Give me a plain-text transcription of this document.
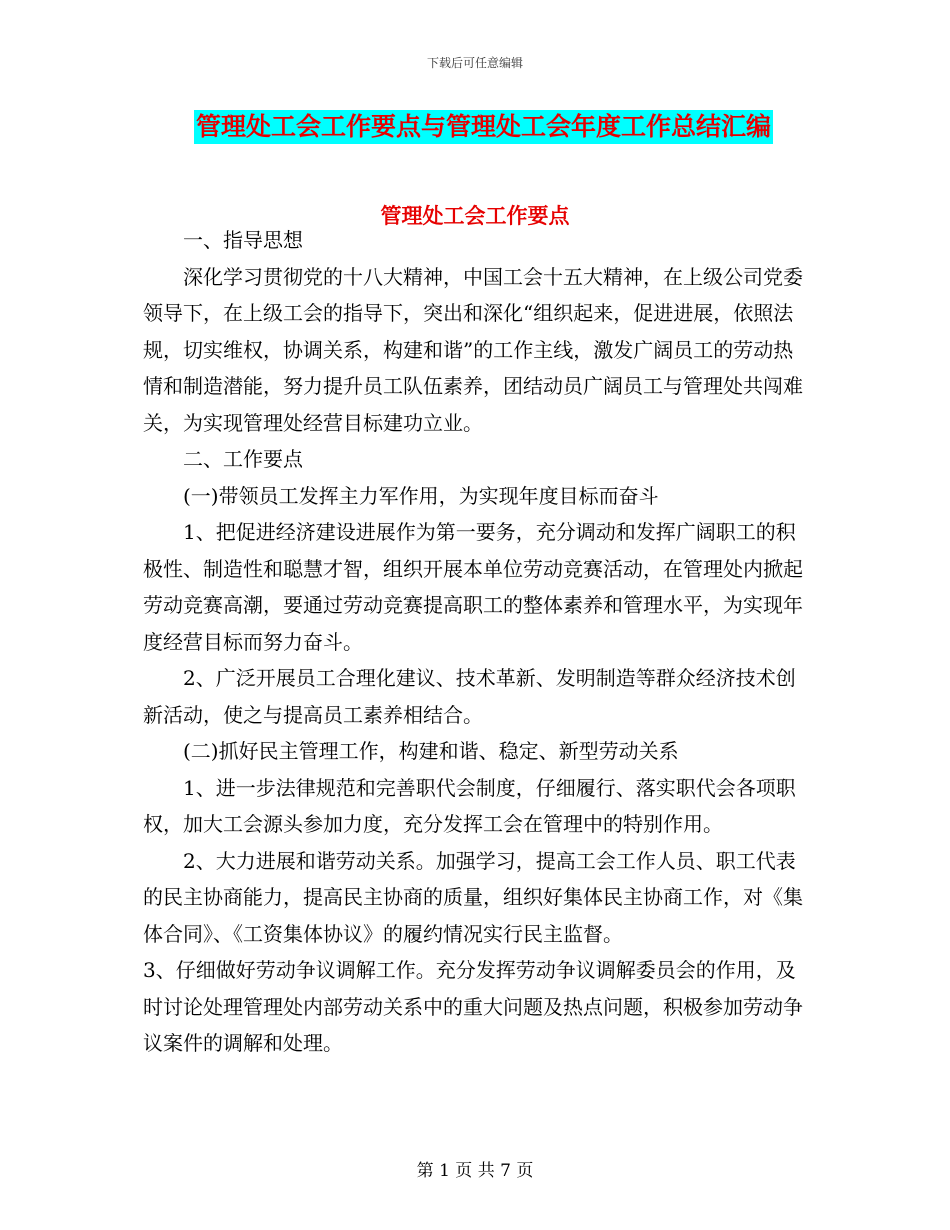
下载后可任意编辑
管理处工会工作要点与管理处工会年度工作总结汇编
管理处工会工作要点

一、指导思想

深化学习贯彻党的十八大精神，中国工会十五大精神，在上级公司党委领导下，在上级工会的指导下，突出和深化“组织起来，促进进展，依照法规，切实维权，协调关系，构建和谐”的工作主线，激发广阔员工的劳动热情和制造潜能，努力提升员工队伍素养，团结动员广阔员工与管理处共闯难关，为实现管理处经营目标建功立业。

二、工作要点

(一)带领员工发挥主力军作用，为实现年度目标而奋斗

1、把促进经济建设进展作为第一要务，充分调动和发挥广阔职工的积极性、制造性和聪慧才智，组织开展本单位劳动竞赛活动，在管理处内掀起劳动竞赛高潮，要通过劳动竞赛提高职工的整体素养和管理水平，为实现年度经营目标而努力奋斗。

2、广泛开展员工合理化建议、技术革新、发明制造等群众经济技术创新活动，使之与提高员工素养相结合。

(二)抓好民主管理工作，构建和谐、稳定、新型劳动关系

1、进一步法律规范和完善职代会制度，仔细履行、落实职代会各项职权，加大工会源头参加力度，充分发挥工会在管理中的特别作用。

2、大力进展和谐劳动关系。加强学习，提高工会工作人员、职工代表的民主协商能力，提高民主协商的质量，组织好集体民主协商工作，对《集体合同》、《工资集体协议》的履约情况实行民主监督。

3、仔细做好劳动争议调解工作。充分发挥劳动争议调解委员会的作用，及时讨论处理管理处内部劳动关系中的重大问题及热点问题，积极参加劳动争议案件的调解和处理。

第 1 页 共 7 页
